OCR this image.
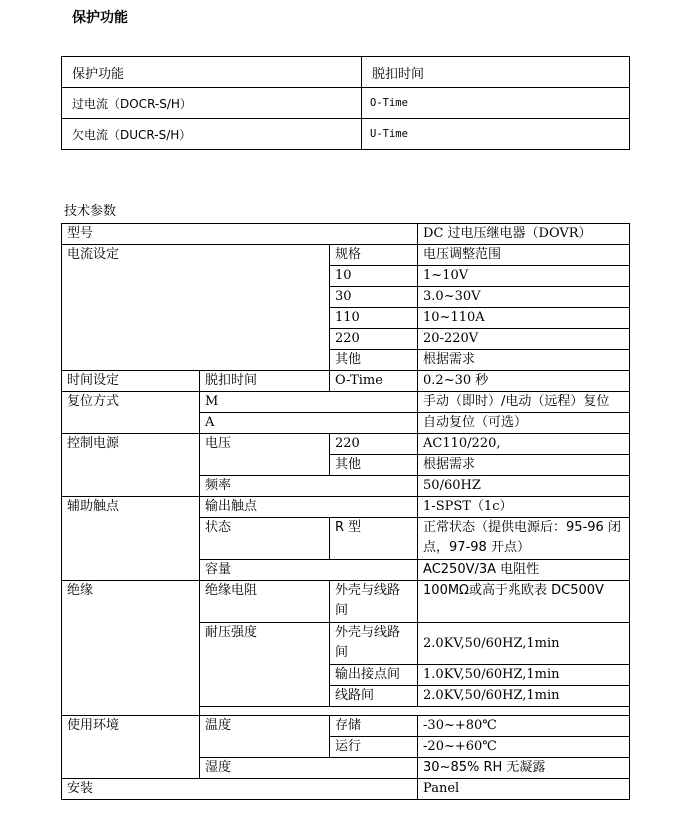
保护功能
保护功能	脱扣时间
过电流（DOCR-S/H）	O-Time
欠电流（DUCR-S/H）	U-Time
技术参数
型号			DC 过电压继电器（DOVR）
电流设定		规格	电压调整范围
		10	1~10V
		30	3.0~30V
		110	10~110A
		220	20-220V
		其他	根据需求
时间设定	脱扣时间	O-Time	0.2~30 秒
复位方式	M		手动（即时）/电动（远程）复位
	A		自动复位（可选）
控制电源	电压	220	AC110/220,
		其他	根据需求
	频率		50/60HZ
辅助触点	输出触点		1-SPST（1c）
	状态	R 型	正常状态（提供电源后：95-96 闭点，97-98 开点）
	容量		AC250V/3A 电阻性
绝缘	绝缘电阻	外壳与线路间	100MΩ或高于兆欧表 DC500V
	耐压强度	外壳与线路间	2.0KV,50/60HZ,1min
		输出接点间	1.0KV,50/60HZ,1min
		线路间	2.0KV,50/60HZ,1min

使用环境	温度	存储	-30~+80℃
		运行	-20~+60℃
	湿度		30~85% RH 无凝露
安装			Panel
